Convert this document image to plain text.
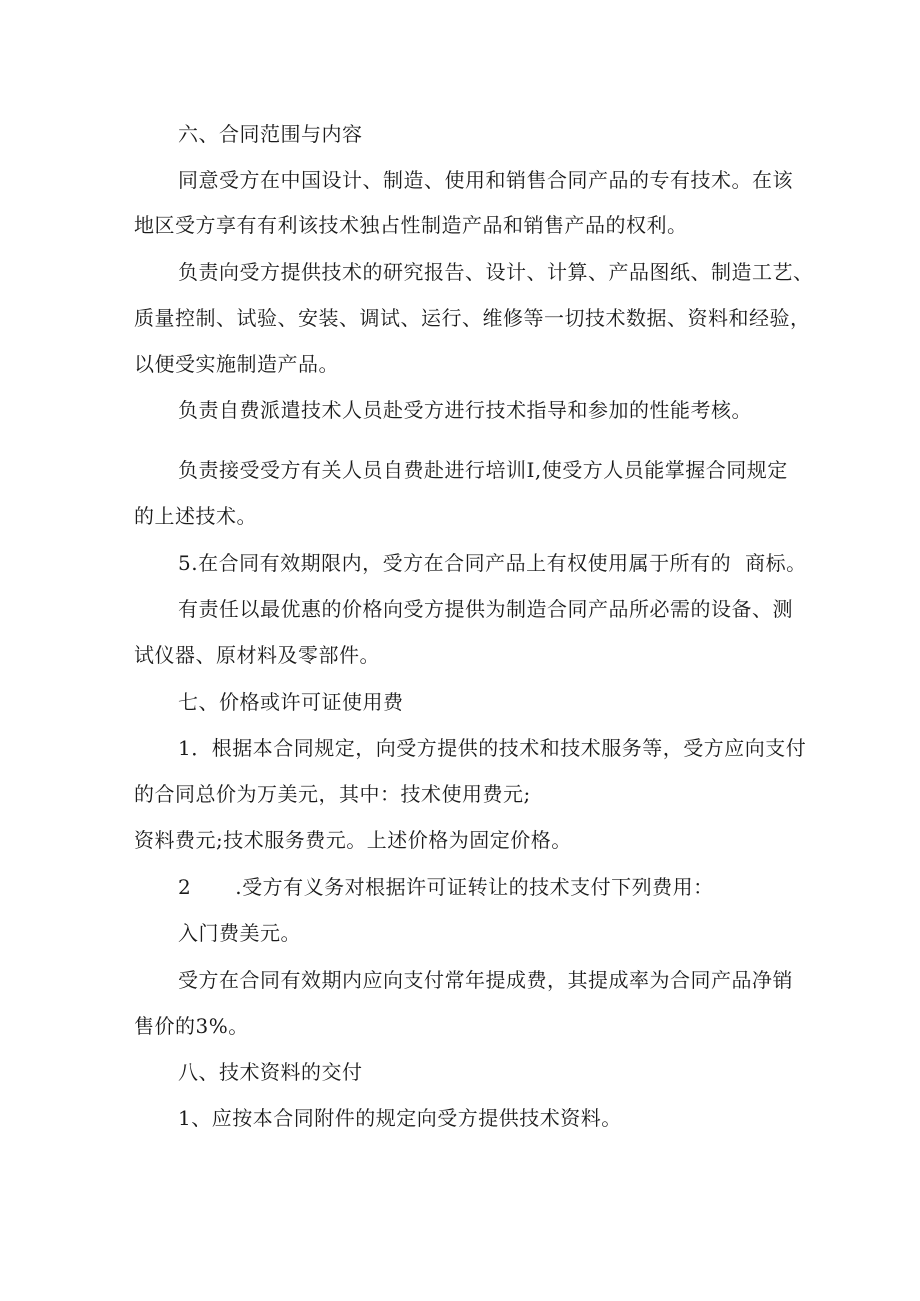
六、合同范围与内容
同意受方在中国设计、制造、使用和销售合同产品的专有技术。在该
地区受方享有有利该技术独占性制造产品和销售产品的权利。
负责向受方提供技术的研究报告、设计、计算、产品图纸、制造工艺、
质量控制、试验、安装、调试、运行、维修等一切技术数据、资料和经验，
以便受实施制造产品。
负责自费派遣技术人员赴受方进行技术指导和参加的性能考核。
负责接受受方有关人员自费赴进行培训I,使受方人员能掌握合同规定
的上述技术。
5.在合同有效期限内，受方在合同产品上有权使用属于所有的 商标。
有责任以最优惠的价格向受方提供为制造合同产品所必需的设备、测
试仪器、原材料及零部件。
七、价格或许可证使用费
1．根据本合同规定，向受方提供的技术和技术服务等，受方应向支付
的合同总价为万美元，其中：技术使用费元;
资料费元;技术服务费元。上述价格为固定价格。
2 .受方有义务对根据许可证转让的技术支付下列费用：
入门费美元。
受方在合同有效期内应向支付常年提成费，其提成率为合同产品净销
售价的3%。
八、技术资料的交付
1、应按本合同附件的规定向受方提供技术资料。
